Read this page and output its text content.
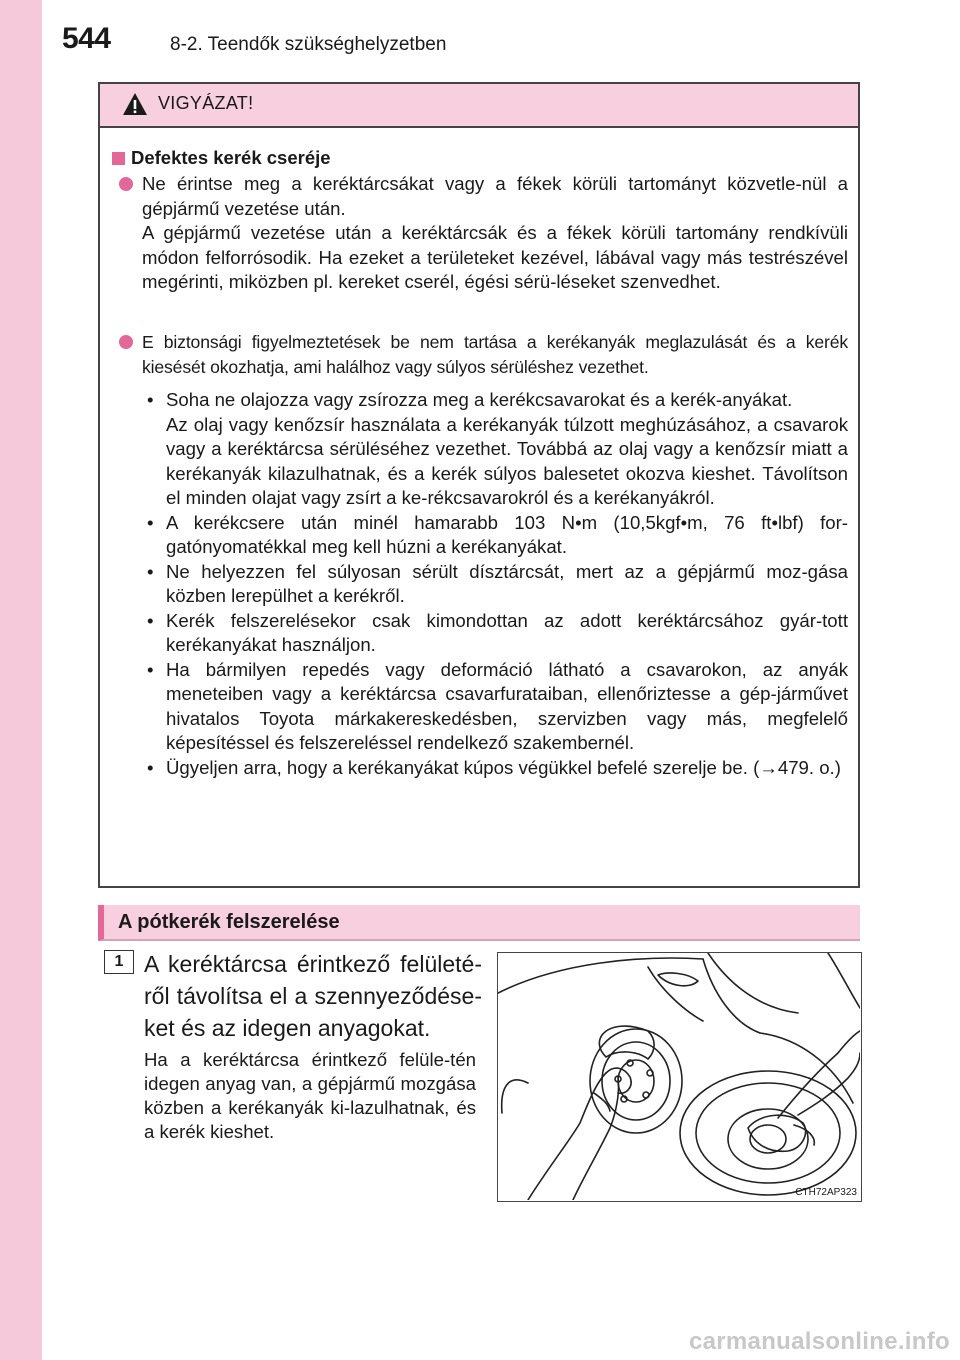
544	8-2. Teendők szükséghelyzetben
VIGYÁZAT!
Defektes kerék cseréje

Ne érintse meg a keréktárcsákat vagy a fékek körüli tartományt közvetle-nül a gépjármű vezetése után.

A gépjármű vezetése után a keréktárcsák és a fékek körüli tartomány rendkívüli módon felforrósodik. Ha ezeket a területeket kezével, lábával vagy más testrészével megérinti, miközben pl. kereket cserél, égési sérü-léseket szenvedhet.

E biztonsági figyelmeztetések be nem tartása a kerékanyák meglazulását és a kerék kiesését okozhatja, ami halálhoz vagy súlyos sérüléshez vezethet.

• Soha ne olajozza vagy zsírozza meg a kerékcsavarokat és a kerék-anyákat.
Az olaj vagy kenőzsír használata a kerékanyák túlzott meghúzásához, a csavarok vagy a keréktárcsa sérüléséhez vezethet. Továbbá az olaj vagy a kenőzsír miatt a kerékanyák kilazulhatnak, és a kerék súlyos balesetet okozva kieshet. Távolítson el minden olajat vagy zsírt a ke-rékcsavarokról és a kerékanyákról.
• A kerékcsere után minél hamarabb 103 N•m (10,5kgf•m, 76 ft•lbf) for-gatónyomatékkal meg kell húzni a kerékanyákat.
• Ne helyezzen fel súlyosan sérült dísztárcsát, mert az a gépjármű moz-gása közben lerepülhet a kerékről.
• Kerék felszerelésekor csak kimondottan az adott keréktárcsához gyár-tott kerékanyákat használjon.
• Ha bármilyen repedés vagy deformáció látható a csavarokon, az anyák meneteiben vagy a keréktárcsa csavarfurataiban, ellenőriztesse a gép-járművet hivatalos Toyota márkakereskedésben, szervizben vagy más, megfelelő képesítéssel és felszereléssel rendelkező szakembernél.
• Ügyeljen arra, hogy a kerékanyákat kúpos végükkel befelé szerelje be. (→479. o.)
A pótkerék felszerelése
1 A keréktárcsa érintkező felületé-ről távolítsa el a szennyeződése-ket és az idegen anyagokat.
Ha a keréktárcsa érintkező felüle-tén idegen anyag van, a gépjármű mozgása közben a kerékanyák ki-lazulhatnak, és a kerék kieshet.
CTH72AP323
carmanualsonline.info
